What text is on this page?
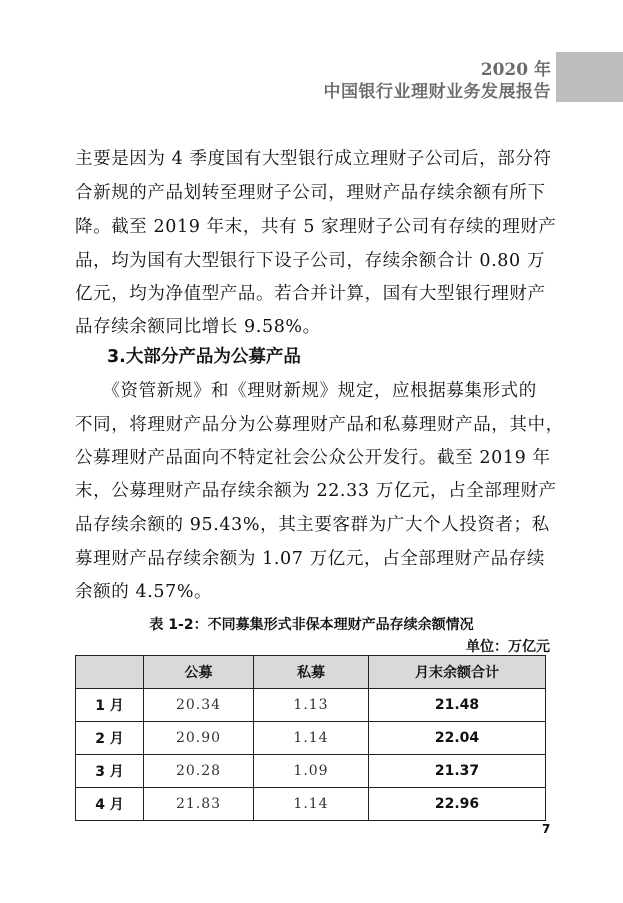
2020 年
中国银行业理财业务发展报告
主要是因为 4 季度国有大型银行成立理财子公司后，部分符
合新规的产品划转至理财子公司，理财产品存续余额有所下
降。截至 2019 年末，共有 5 家理财子公司有存续的理财产
品，均为国有大型银行下设子公司，存续余额合计 0.80 万
亿元，均为净值型产品。若合并计算，国有大型银行理财产
品存续余额同比增长 9.58%。
3.大部分产品为公募产品
　　《资管新规》和《理财新规》规定，应根据募集形式的
不同，将理财产品分为公募理财产品和私募理财产品，其中，
公募理财产品面向不特定社会公众公开发行。截至 2019 年
末，公募理财产品存续余额为 22.33 万亿元，占全部理财产
品存续余额的 95.43%，其主要客群为广大个人投资者；私
募理财产品存续余额为 1.07 万亿元，占全部理财产品存续
余额的 4.57%。
表 1-2：不同募集形式非保本理财产品存续余额情况
单位：万亿元
	公募	私募	月末余额合计
1 月	20.34	1.13	21.48
2 月	20.90	1.14	22.04
3 月	20.28	1.09	21.37
4 月	21.83	1.14	22.96
7
